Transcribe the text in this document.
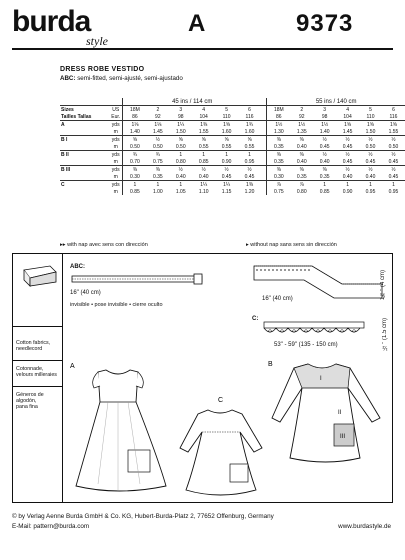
burda
style
A	9373
DRESS ROBE VESTIDO
ABC: semi-fitted, semi-ajusté, semi-ajustado
		45 ins / 114 cm							55 ins / 140 cm					
Sizes	US	18M	2	3	4	5	6		18M	2	3	4	5	6
Tailles Tallas	Eur.	86	92	98	104	110	116		86	92	98	104	110	116
A	yds	1⅛	1⅛	1¼	1⅜	1⅝	1¾		1½	1½	1½	1⅝	1⅝	1⅝
	m	1.40	1.45	1.50	1.55	1.60	1.60		1.30	1.35	1.40	1.45	1.50	1.55
B I	yds	⅝	½	⅝	⅝	⅝	⅝		⅜	⅜	½	½	½	½
	m	0.50	0.50	0.50	0.55	0.55	0.55		0.35	0.40	0.45	0.45	0.50	0.50
B II	yds	¾	¾	1	1	1	1		⅜	⅜	½	½	½	½
	m	0.70	0.75	0.80	0.85	0.90	0.95		0.35	0.40	0.40	0.45	0.45	0.45
B III	yds	⅜	⅜	½	½	½	½		⅜	⅜	⅜	½	½	½
	m	0.30	0.35	0.40	0.40	0.45	0.45		0.30	0.35	0.35	0.40	0.40	0.45
C	yds	1	1	1	1¼	1¼	1⅜		⅞	⅞	1	1	1	1
	m	0.85	1.00	1.05	1.10	1.15	1.20		0.75	0.80	0.85	0.90	0.95	0.95
▸▸ with nap avec sens con dirección	▸ without nap sans sens sin dirección
Cotton fabrics,
needlecord
Cotonnade,
velours milleraies
Géneros de algodón,
pana fina
ABC:
16" (40 cm)
invisible • pose invisible • cierre oculto
16" (40 cm)	1⅝" (4 cm)
C:
53" - 59" (135 - 150 cm)	½" (1.5 cm)
A
C
B
I
II
III
© by Verlag Aenne Burda GmbH & Co. KG, Hubert-Burda-Platz 2, 77652 Offenburg, Germany
E-Mail: pattern@burda.com	www.burdastyle.de
